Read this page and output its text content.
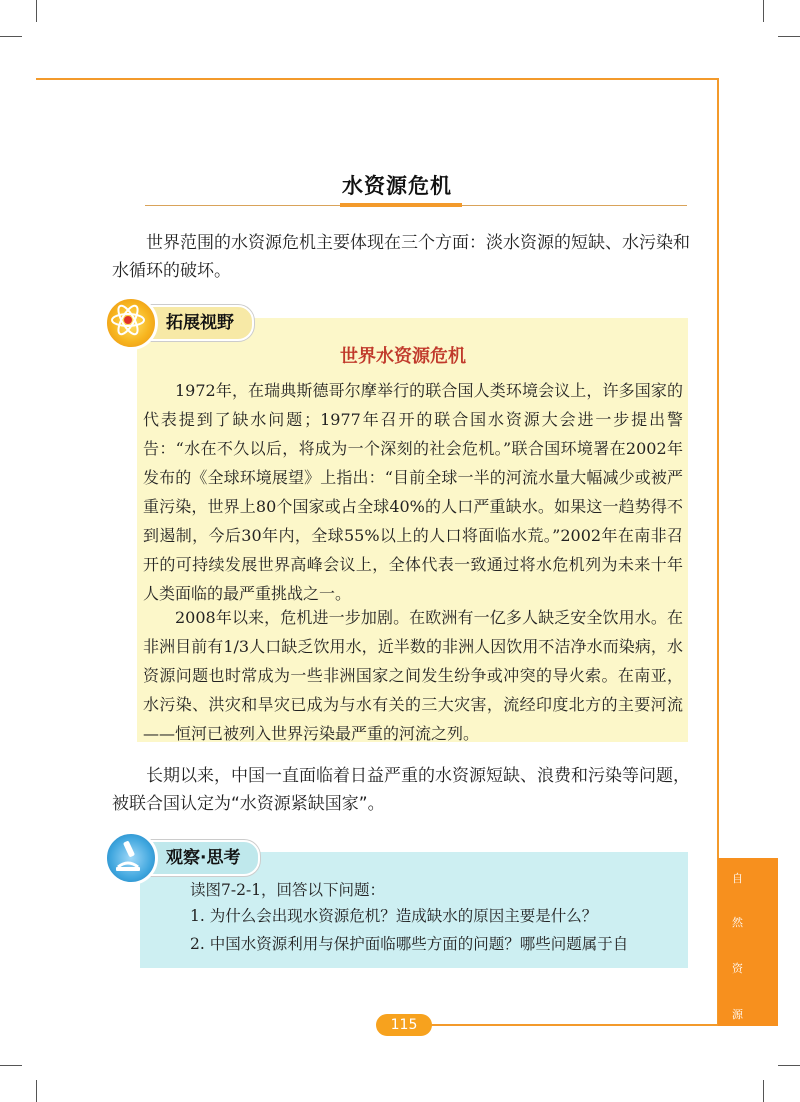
水资源危机
世界范围的水资源危机主要体现在三个方面：淡水资源的短缺、水污染和水循环的破坏。
拓展视野
世界水资源危机
1972年，在瑞典斯德哥尔摩举行的联合国人类环境会议上，许多国家的代表提到了缺水问题；1977年召开的联合国水资源大会进一步提出警告：“水在不久以后，将成为一个深刻的社会危机。”联合国环境署在2002年发布的《全球环境展望》上指出：“目前全球一半的河流水量大幅减少或被严重污染，世界上80个国家或占全球40%的人口严重缺水。如果这一趋势得不到遏制，今后30年内，全球55%以上的人口将面临水荒。”2002年在南非召开的可持续发展世界高峰会议上，全体代表一致通过将水危机列为未来十年人类面临的最严重挑战之一。
2008年以来，危机进一步加剧。在欧洲有一亿多人缺乏安全饮用水。在非洲目前有1/3人口缺乏饮用水，近半数的非洲人因饮用不洁净水而染病，水资源问题也时常成为一些非洲国家之间发生纷争或冲突的导火索。在南亚，水污染、洪灾和旱灾已成为与水有关的三大灾害，流经印度北方的主要河流——恒河已被列入世界污染最严重的河流之列。
长期以来，中国一直面临着日益严重的水资源短缺、浪费和污染等问题，被联合国认定为“水资源紧缺国家”。
观察·思考
读图7-2-1，回答以下问题：
1. 为什么会出现水资源危机？造成缺水的原因主要是什么？
2. 中国水资源利用与保护面临哪些方面的问题？哪些问题属于自
自
然
资
源
115
